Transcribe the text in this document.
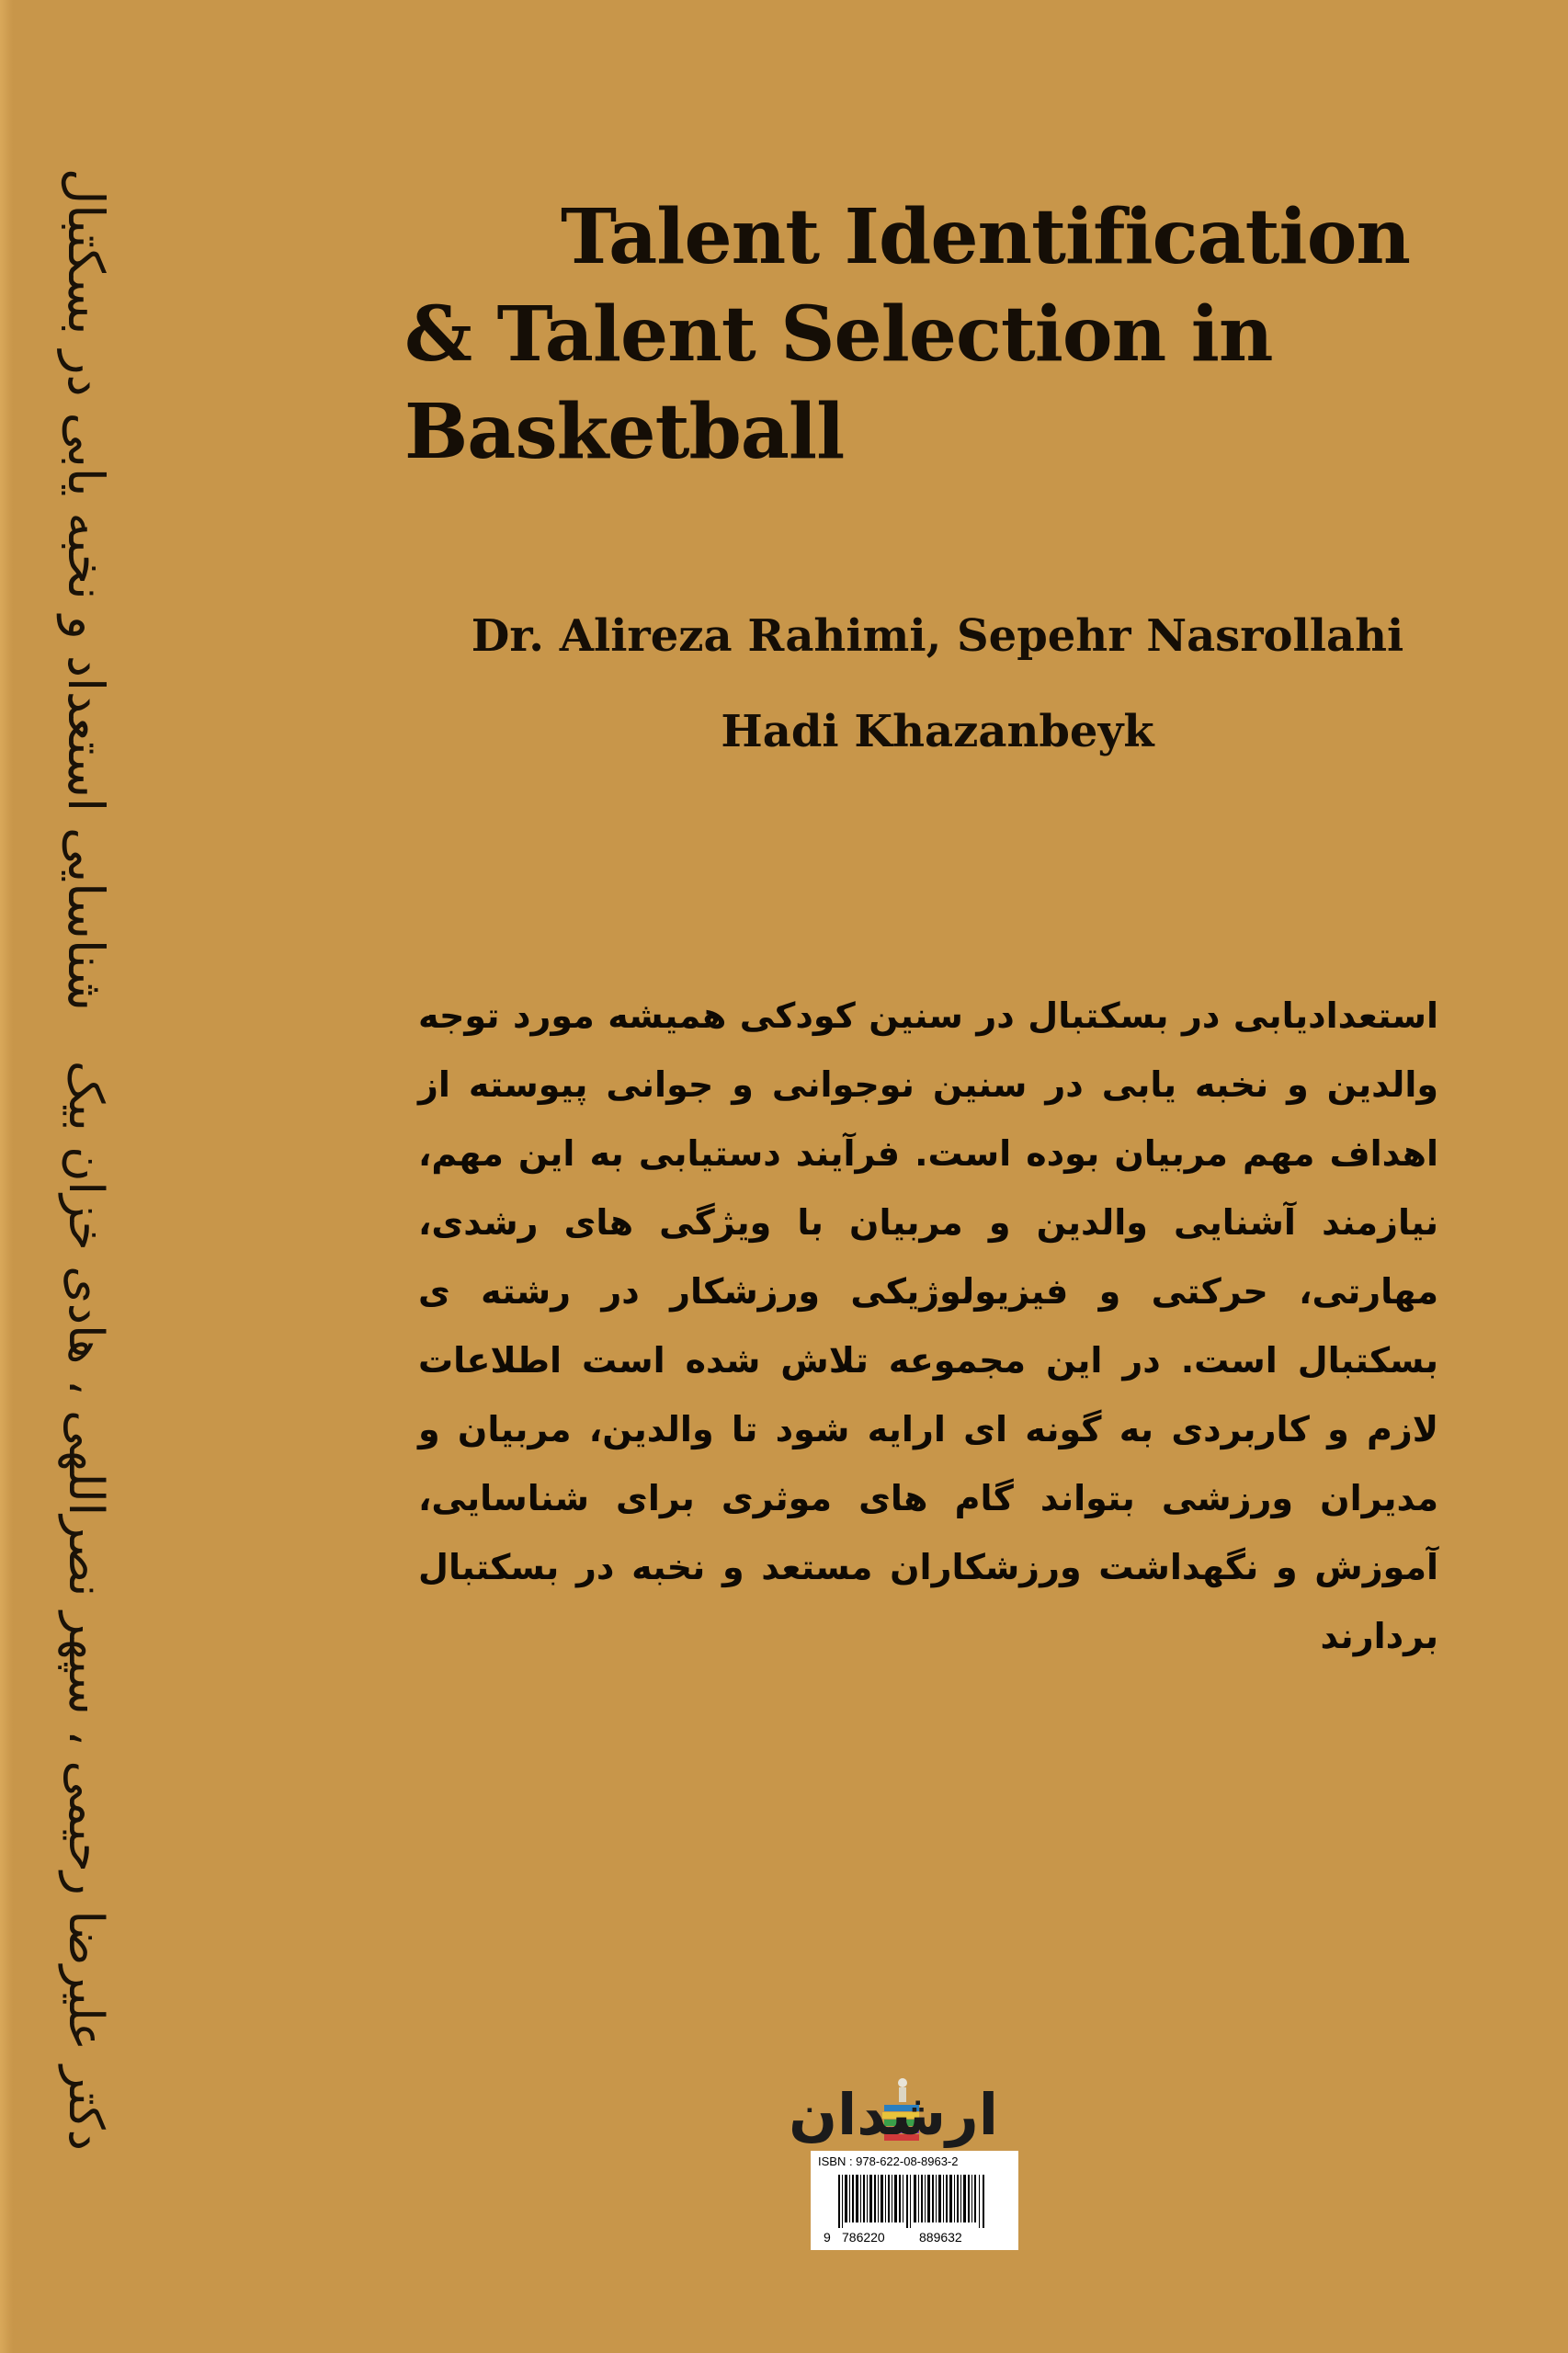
شناسایی استعداد و نخبه یابی در بسکتبال
دکتر علیرضا رحیمی ، سپهر نصراللهی ، هادی خزان بیک
Talent Identification
& Talent Selection in Basketball
Dr. Alireza Rahimi, Sepehr Nasrollahi
Hadi Khazanbeyk
استعدادیابی در بسکتبال در سنین کودکی همیشه مورد توجه والدین و نخبه یابی در سنین نوجوانی و جوانی پیوسته از اهداف مهم مربیان بوده است. فرآیند دستیابی به این مهم، نیازمند آشنایی والدین و مربیان با ویژگی های رشدی، مهارتی، حرکتی و فیزیولوژیکی ورزشکار در رشته ی بسکتبال است. در این مجموعه تلاش شده است اطلاعات لازم و کاربردی به گونه ای ارایه شود تا والدین، مربیان و مدیران ورزشی بتواند گام های موثری برای شناسایی، آموزش و نگهداشت ورزشکاران مستعد و نخبه در بسکتبال بردارند
ارشدان
ISBN : 978-622-08-8963-2
9 786220	889632
